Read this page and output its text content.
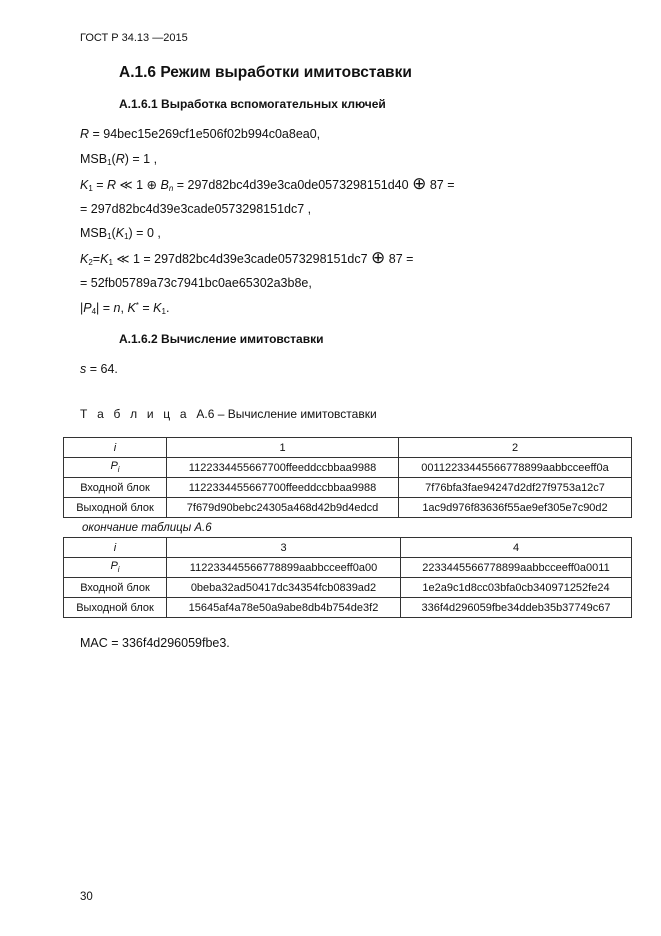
ГОСТ Р 34.13 —2015
А.1.6 Режим выработки имитовставки
А.1.6.1 Выработка вспомогательных ключей
R = 94bec15e269cf1e506f02b994c0a8ea0,
$MSB_1(R) = 1$ ,
$K_1 = R$ ≪ 1 ⊕ $B_n = 297d82bc4d39e3ca0de0573298151d40$ ⊕ 87 =
= 297d82bc4d39e3cade0573298151dc7 ,
$MSB_1(K_1) = 0$ ,
$K_2=K_1$ ≪ 1 = 297d82bc4d39e3cade0573298151dc7 ⊕ 87 =
= 52fb05789a73c7941bc0ae65302a3b8e,
$|P_4| = n$, $K^* = K_1$.
А.1.6.2 Вычисление имитовставки
s = 64.
Т а б л и ц а А.6 – Вычисление имитовставки
i	1	2
$P_i$	1122334455667700ffeeddccbbaa9988	00112233445566778899aabbcceeff0a
Входной блок	1122334455667700ffeeddccbbaa9988	7f76bfa3fae94247d2df27f9753a12c7
Выходной блок	7f679d90bebc24305a468d42b9d4edcd	1ac9d976f83636f55ae9ef305e7c90d2
окончание таблицы А.6
i	3	4
$P_i$	112233445566778899aabbcceeff0a00	2233445566778899aabbcceeff0a0011
Входной блок	0beba32ad50417dc34354fcb0839ad2	1e2a9c1d8cc03bfa0cb340971252fe24
Выходной блок	15645af4a78e50a9abe8db4b754de3f2	336f4d296059fbe34ddeb35b37749c67
MAC = 336f4d296059fbe3.
30
